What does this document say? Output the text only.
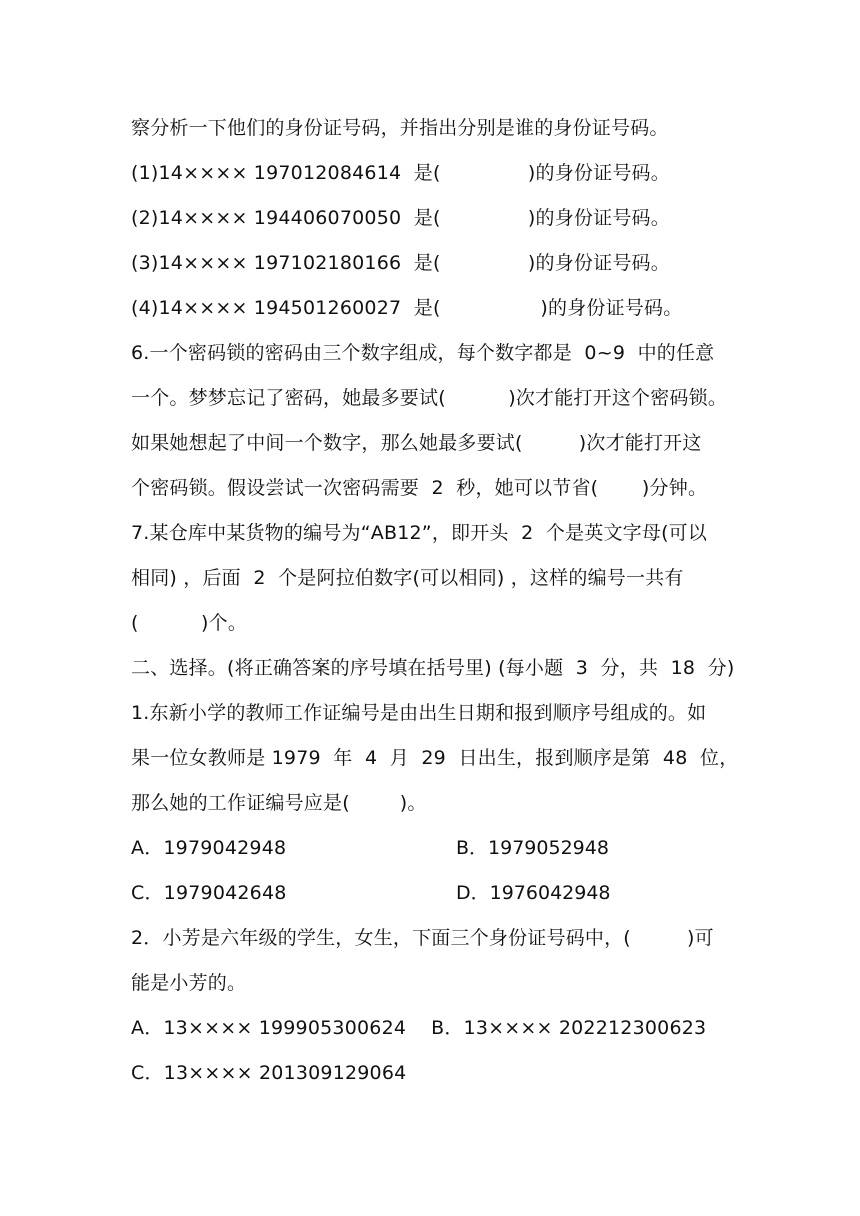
察分析一下他们的身份证号码，并指出分别是谁的身份证号码。
(1)14×××× 197012084614  是(              )的身份证号码。
(2)14×××× 194406070050  是(              )的身份证号码。
(3)14×××× 197102180166  是(              )的身份证号码。
(4)14×××× 194501260027  是(                )的身份证号码。
6.一个密码锁的密码由三个数字组成，每个数字都是  0~9  中的任意
一个。梦梦忘记了密码，她最多要试(          )次才能打开这个密码锁。
如果她想起了中间一个数字，那么她最多要试(         )次才能打开这
个密码锁。假设尝试一次密码需要  2  秒，她可以节省(       )分钟。
7.某仓库中某货物的编号为“AB12”，即开头  2  个是英文字母(可以
相同) ，后面  2  个是阿拉伯数字(可以相同) ，这样的编号一共有
(          )个。
二、选择。(将正确答案的序号填在括号里) (每小题  3  分，共  18  分)
1.东新小学的教师工作证编号是由出生日期和报到顺序号组成的。如
果一位女教师是 1979  年  4  月  29  日出生，报到顺序是第  48  位，
那么她的工作证编号应是(        )。
A．1979042948	B．1979052948
C．1979042648	D．1976042948
2．小芳是六年级的学生，女生，下面三个身份证号码中，(         )可
能是小芳的。
A．13×××× 199905300624    B．13×××× 202212300623
C．13×××× 201309129064
